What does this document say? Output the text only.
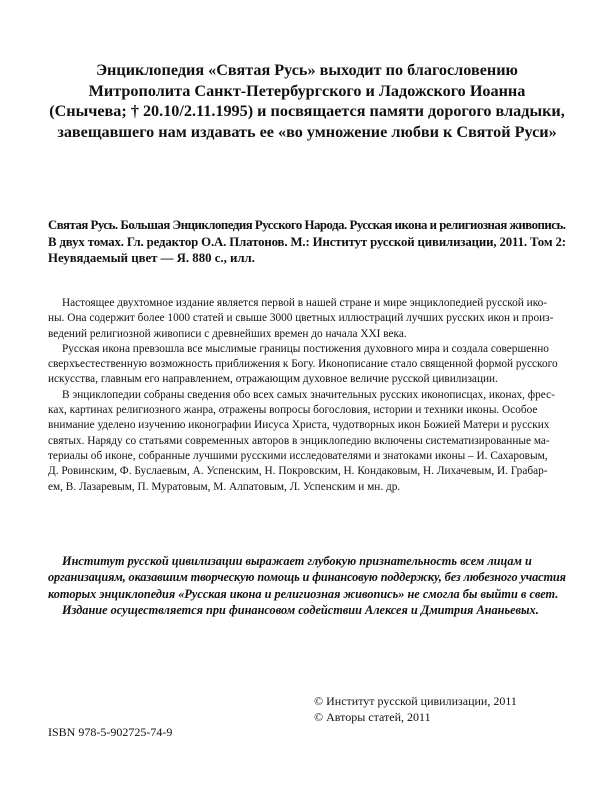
Энциклопедия «Святая Русь» выходит по благословению
Митрополита Санкт-Петербургского и Ладожского Иоанна
(Снычева; † 20.10/2.11.1995) и посвящается памяти дорогого владыки,
завещавшего нам издавать ее «во умножение любви к Святой Руси»
Святая Русь. Большая Энциклопедия Русского Народа. Русская икона и религиозная живопись.
В двух томах. Гл. редактор О.А. Платонов. М.: Институт русской цивилизации, 2011. Том 2:
Неувядаемый цвет — Я. 880 с., илл.
Настоящее двухтомное издание является первой в нашей стране и мире энциклопедией русской ико-
ны. Она содержит более 1000 статей и свыше 3000 цветных иллюстраций лучших русских икон и произ-
ведений религиозной живописи с древнейших времен до начала XXI века.
Русская икона превзошла все мыслимые границы постижения духовного мира и создала совершенно
сверхъестественную возможность приближения к Богу. Иконописание стало священной формой русского
искусства, главным его направлением, отражающим духовное величие русской цивилизации.
В энциклопедии собраны сведения обо всех самых значительных русских иконописцах, иконах, фрес-
ках, картинах религиозного жанра, отражены вопросы богословия, истории и техники иконы. Особое
внимание уделено изучению иконографии Иисуса Христа, чудотворных икон Божией Матери и русских
святых. Наряду со статьями современных авторов в энциклопедию включены систематизированные ма-
териалы об иконе, собранные лучшими русскими исследователями и знатоками иконы – И. Сахаровым,
Д. Ровинским, Ф. Буслаевым, А. Успенским, Н. Покровским, Н. Кондаковым, Н. Лихачевым, И. Грабар-
ем, В. Лазаревым, П. Муратовым, М. Алпатовым, Л. Успенским и мн. др.
Институт русской цивилизации выражает глубокую признательность всем лицам и
организациям, оказавшим творческую помощь и финансовую поддержку, без любезного участия
которых энциклопедия «Русская икона и религиозная живопись» не смогла бы выйти в свет.
Издание осуществляется при финансовом содействии Алексея и Дмитрия Ананьевых.
© Институт русской цивилизации, 2011
© Авторы статей, 2011
ISBN 978-5-902725-74-9
